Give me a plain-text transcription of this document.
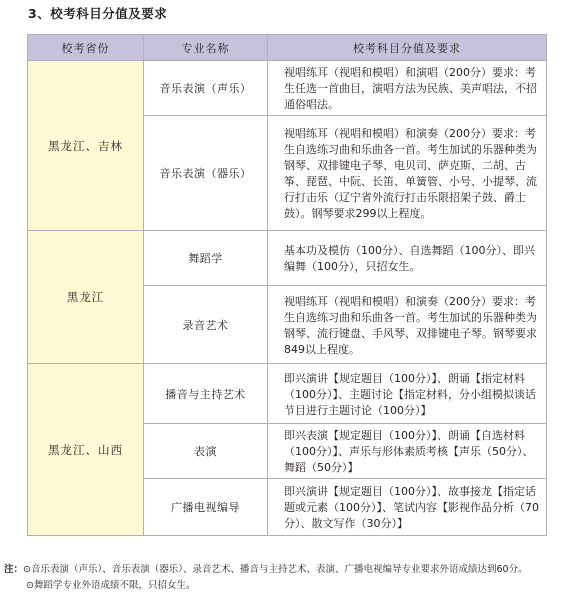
3、校考科目分值及要求
校考省份	专业名称	校考科目分值及要求
黑龙江、吉林	音乐表演（声乐）	视唱练耳（视唱和模唱）和演唱（200分）要求：考生任选一首曲目，演唱方法为民族、美声唱法，不招通俗唱法。
	音乐表演（器乐）	视唱练耳（视唱和模唱）和演奏（200分）要求：考生自选练习曲和乐曲各一首。考生加试的乐器种类为钢琴、双排键电子琴、电贝司、萨克斯、二胡、古筝、琵琶、中阮、长笛、单簧管、小号、小提琴、流行打击乐（辽宁省外流行打击乐限招架子鼓、爵士鼓）。钢琴要求299以上程度。
黑龙江	舞蹈学	基本功及模仿（100分）、自选舞蹈（100分）、即兴编舞（100分），只招女生。
	录音艺术	视唱练耳（视唱和模唱）和演奏（200分）要求：考生自选练习曲和乐曲各一首。考生加试的乐器种类为钢琴、流行键盘、手风琴、双排键电子琴。钢琴要求849以上程度。
黑龙江、山西	播音与主持艺术	即兴演讲【规定题目（100分）】、朗诵【指定材料（100分）】、主题讨论【指定材料，分小组模拟谈话节目进行主题讨论（100分）】
	表演	即兴表演【规定题目（100分）】、朗诵【自选材料（100分）】、声乐与形体素质考核【声乐（50分）、舞蹈（50分）】
	广播电视编导	即兴演讲【规定题目（100分）】、故事接龙【指定话题或元素（100分）】、笔试内容【影视作品分析（70分）、散文写作（30分）】
注：⊙音乐表演（声乐）、音乐表演（器乐）、录音艺术、播音与主持艺术、表演、广播电视编导专业要求外语成绩达到60分。
⊙舞蹈学专业外语成绩不限，只招女生。
